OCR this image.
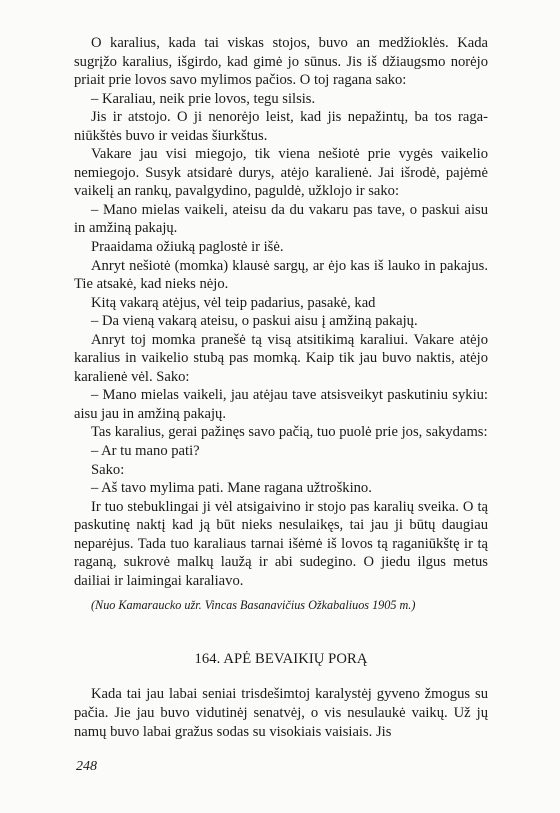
O karalius, kada tai viskas stojos, buvo an medžioklės. Kada sugrįžo karalius, išgirdo, kad gimė jo sūnus. Jis iš džiaugsmo norėjo priait prie lovos savo mylimos pačios. O toj ragana sako:

– Karaliau, neik prie lovos, tegu silsis.

Jis ir atstojo. O ji nenorėjo leist, kad jis nepažintų, ba tos raganiūkštės buvo ir veidas šiurkštus.

Vakare jau visi miegojo, tik viena nešiotė prie vygės vaikelio nemiegojo. Susyk atsidarė durys, atėjo karalienė. Jai išrodė, pajėmė vaikelį an rankų, pavalgydino, paguldė, užklojo ir sako:

– Mano mielas vaikeli, ateisu da du vakaru pas tave, o paskui aisu in amžiną pakajų.

Praaidama ožiuką paglostė ir išė.

Anryt nešiotė (momka) klausė sargų, ar ėjo kas iš lauko in pakajus. Tie atsakė, kad nieks nėjo.

Kitą vakarą atėjus, vėl teip padarius, pasakė, kad

– Da vieną vakarą ateisu, o paskui aisu į amžiną pakajų.

Anryt toj momka pranešė tą visą atsitikimą karaliui. Vakare atėjo karalius in vaikelio stubą pas momką. Kaip tik jau buvo naktis, atėjo karalienė vėl. Sako:

– Mano mielas vaikeli, jau atėjau tave atsisveikyt paskutiniu sykiu: aisu jau in amžiną pakajų.

Tas karalius, gerai pažinęs savo pačią, tuo puolė prie jos, sakydams:

– Ar tu mano pati?

Sako:

– Aš tavo mylima pati. Mane ragana užtroškino.

Ir tuo stebuklingai ji vėl atsigaivino ir stojo pas karalių sveika. O tą paskutinę naktį kad ją būt nieks nesulaikęs, tai jau ji būtų daugiau neparėjus. Tada tuo karaliaus tarnai išėmė iš lovos tą raganiūkštę ir tą raganą, sukrovė malkų laužą ir abi sudegino. O jiedu ilgus metus dailiai ir laimingai karaliavo.

(Nuo Kamaraucko užr. Vincas Basanavičius Ožkabaliuos 1905 m.)
164. APĖ BEVAIKIŲ PORĄ

Kada tai jau labai seniai trisdešimtoj karalystėj gyveno žmogus su pačia. Jie jau buvo vidutinėj senatvėj, o vis nesulaukė vaikų. Už jų namų buvo labai gražus sodas su visokiais vaisiais. Jis

248
